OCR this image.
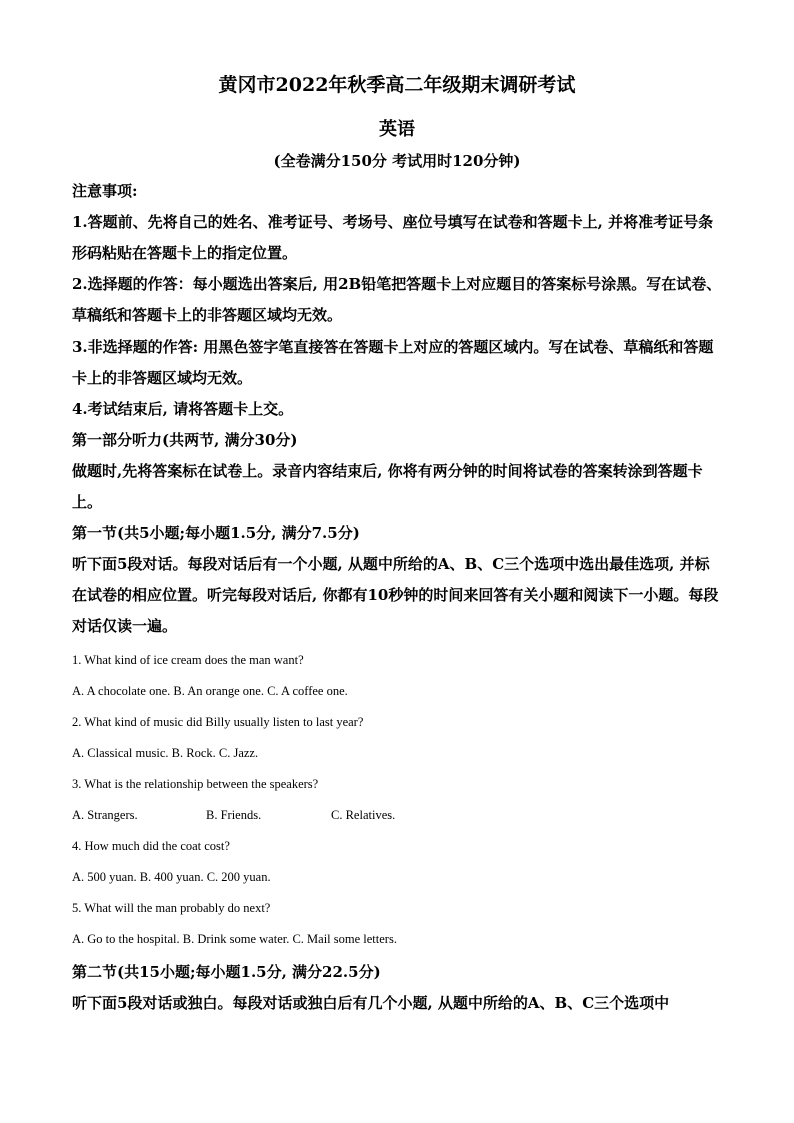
黄冈市2022年秋季高二年级期末调研考试
英语
(全卷满分150分 考试用时120分钟)
注意事项:
1.答题前、先将自己的姓名、准考证号、考场号、座位号填写在试卷和答题卡上, 并将准考证号条形码粘贴在答题卡上的指定位置。
2.选择题的作答：每小题选出答案后, 用2B铅笔把答题卡上对应题目的答案标号涂黑。写在试卷、草稿纸和答题卡上的非答题区域均无效。
3.非选择题的作答: 用黑色签字笔直接答在答题卡上对应的答题区域内。写在试卷、草稿纸和答题卡上的非答题区域均无效。
4.考试结束后, 请将答题卡上交。
第一部分听力(共两节, 满分30分)
做题时,先将答案标在试卷上。录音内容结束后, 你将有两分钟的时间将试卷的答案转涂到答题卡上。
第一节(共5小题;每小题1.5分, 满分7.5分)
听下面5段对话。每段对话后有一个小题, 从题中所给的A、B、C三个选项中选出最佳选项, 并标在试卷的相应位置。听完每段对话后, 你都有10秒钟的时间来回答有关小题和阅读下一小题。每段对话仅读一遍。
1. What kind of ice cream does the man want?
A. A chocolate one. B. An orange one. C. A coffee one.
2. What kind of music did Billy usually listen to last year?
A. Classical music. B. Rock. C. Jazz.
3. What is the relationship between the speakers?
A. Strangers.	B. Friends.	C. Relatives.
4. How much did the coat cost?
A. 500 yuan. B. 400 yuan. C. 200 yuan.
5. What will the man probably do next?
A. Go to the hospital. B. Drink some water. C. Mail some letters.
第二节(共15小题;每小题1.5分, 满分22.5分)
听下面5段对话或独白。每段对话或独白后有几个小题, 从题中所给的A、B、C三个选项中
